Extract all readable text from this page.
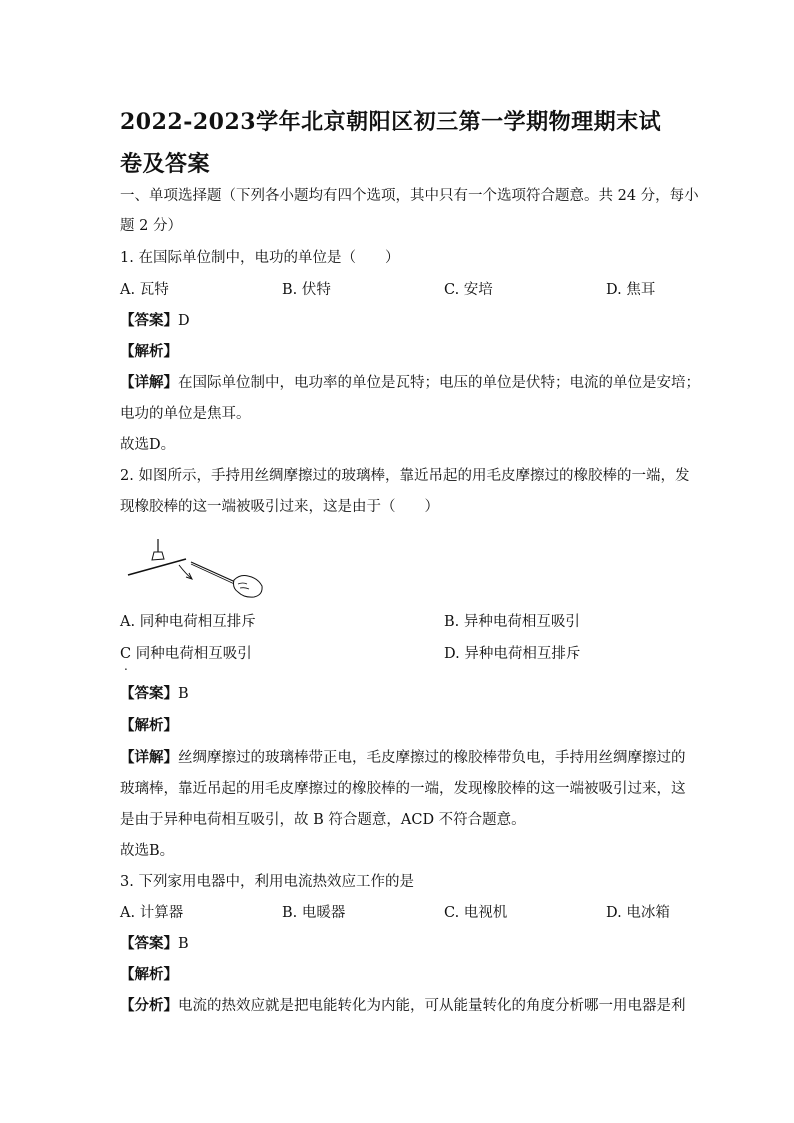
2022-2023学年北京朝阳区初三第一学期物理期末试卷及答案
一、单项选择题（下列各小题均有四个选项，其中只有一个选项符合题意。共 24 分，每小
题 2 分）
1. 在国际单位制中，电功的单位是（　　）
A. 瓦特	B. 伏特	C. 安培	D. 焦耳
【答案】D
【解析】
【详解】在国际单位制中，电功率的单位是瓦特；电压的单位是伏特；电流的单位是安培；
电功的单位是焦耳。
故选D。
2. 如图所示，手持用丝绸摩擦过的玻璃棒，靠近吊起的用毛皮摩擦过的橡胶棒的一端，发
现橡胶棒的这一端被吸引过来，这是由于（　　）
A. 同种电荷相互排斥	B. 异种电荷相互吸引
C 同种电荷相互吸引	D. 异种电荷相互排斥
.
【答案】B
【解析】
【详解】丝绸摩擦过的玻璃棒带正电，毛皮摩擦过的橡胶棒带负电，手持用丝绸摩擦过的
玻璃棒，靠近吊起的用毛皮摩擦过的橡胶棒的一端，发现橡胶棒的这一端被吸引过来，这
是由于异种电荷相互吸引，故 B 符合题意，ACD 不符合题意。
故选B。
3. 下列家用电器中，利用电流热效应工作的是
A. 计算器	B. 电暖器	C. 电视机	D. 电冰箱
【答案】B
【解析】
【分析】电流的热效应就是把电能转化为内能，可从能量转化的角度分析哪一用电器是利
